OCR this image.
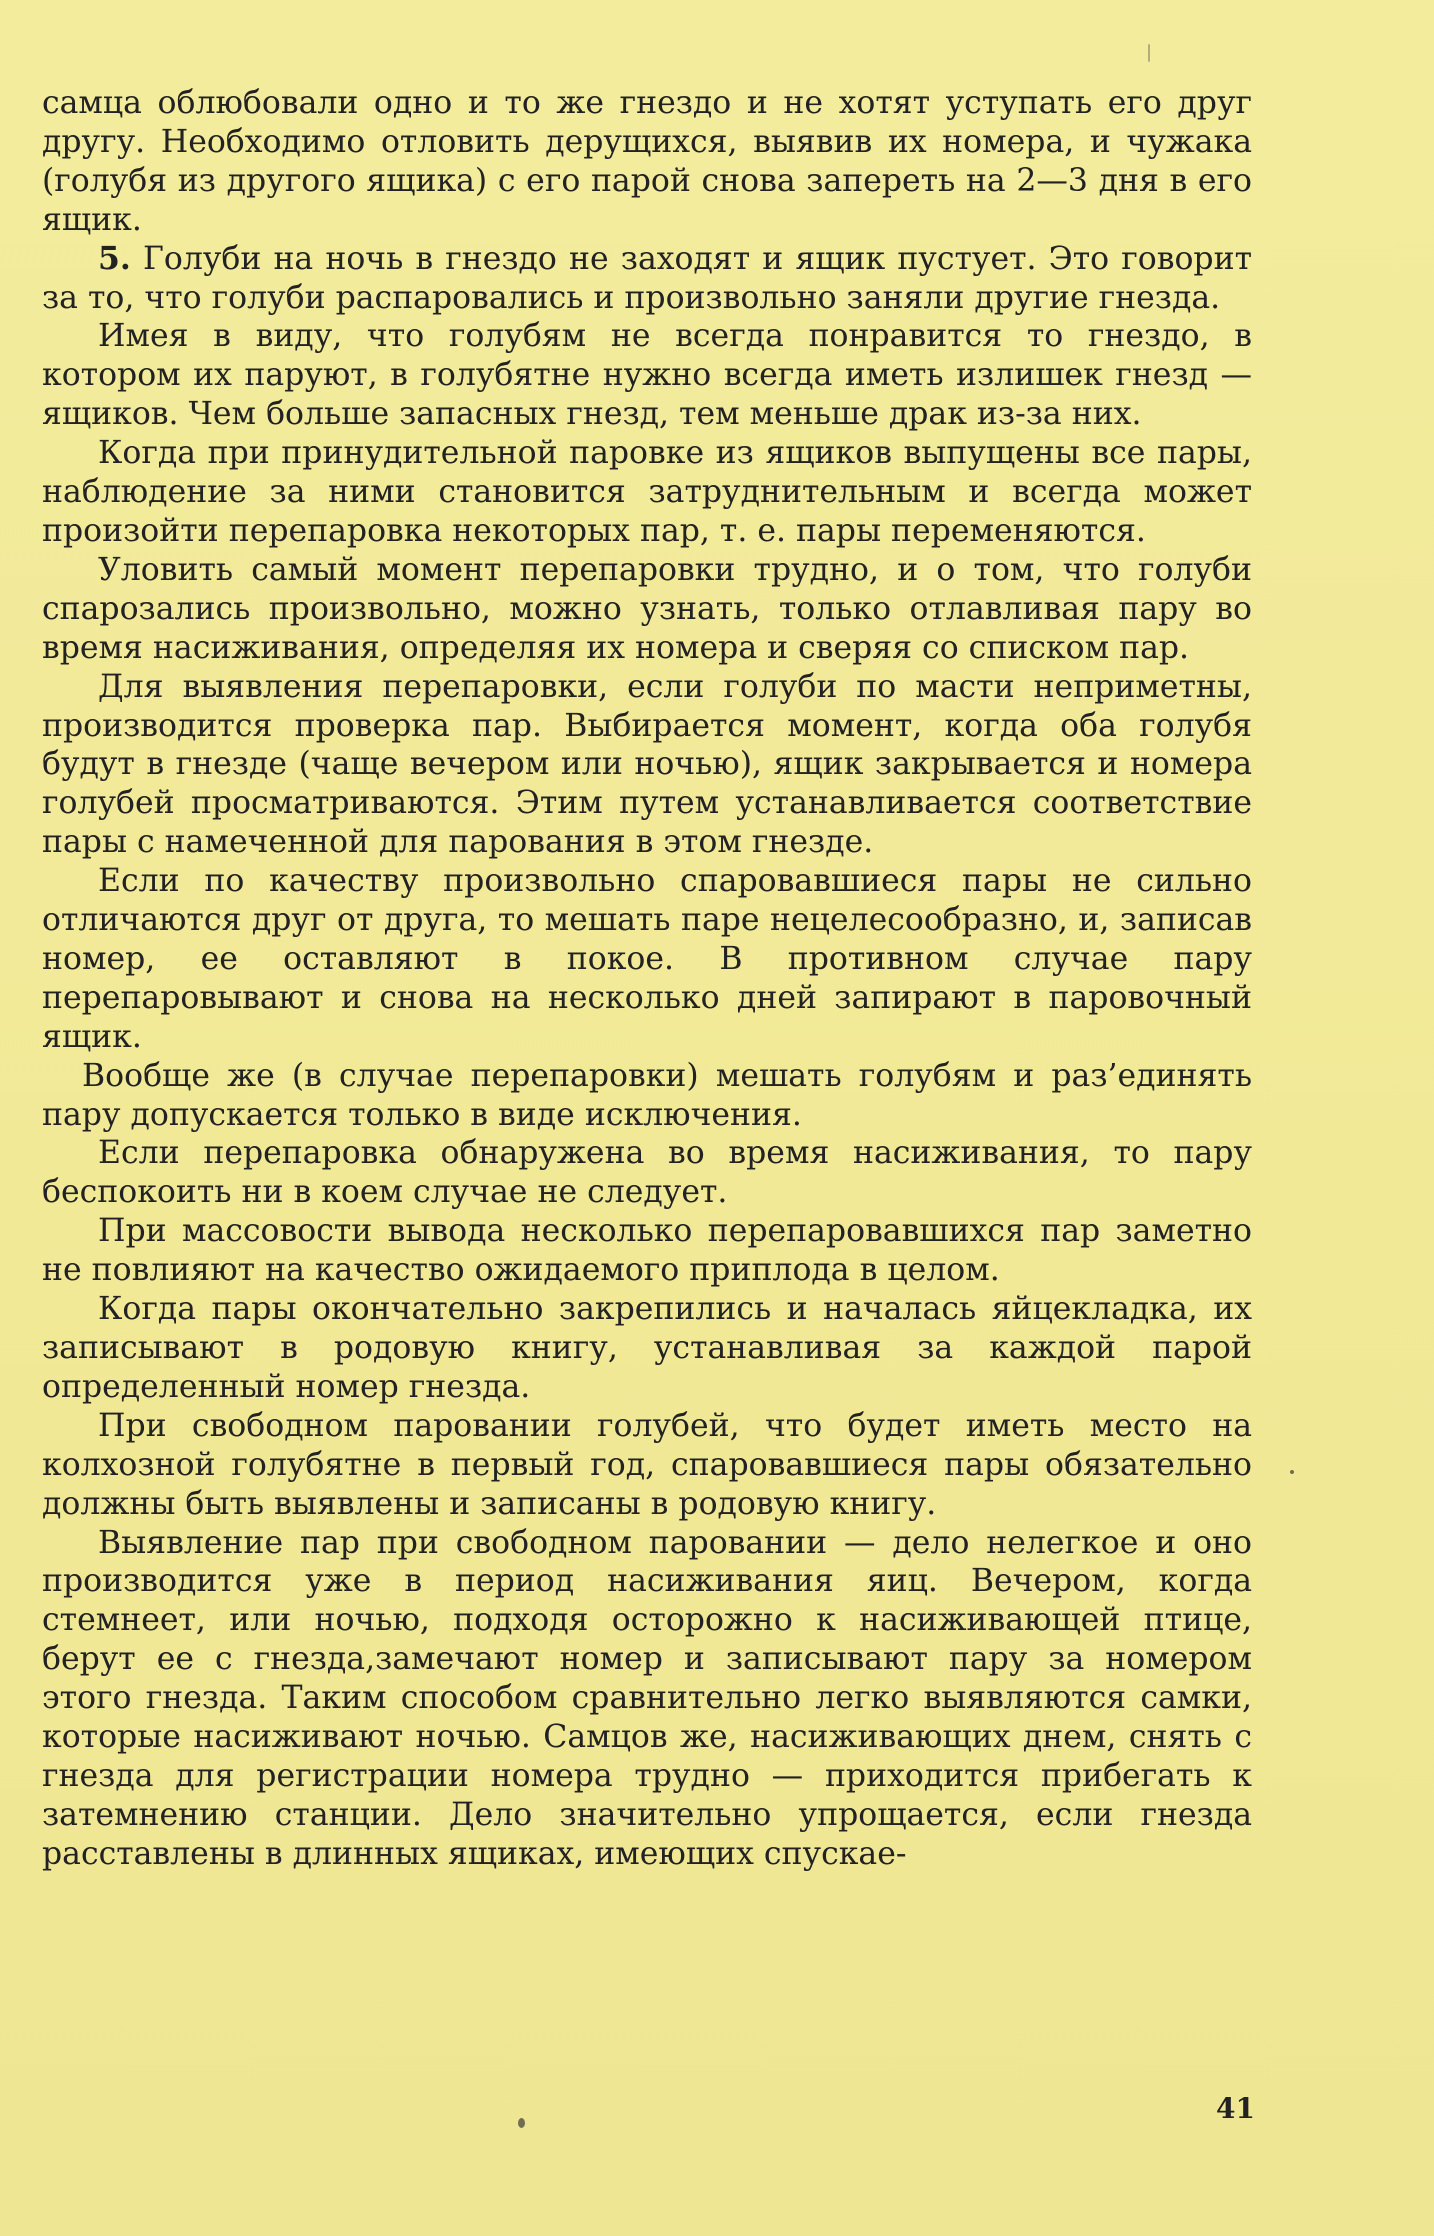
самца облюбовали одно и то же гнездо и не хотят уступать его друг другу. Необходимо отловить дерущихся, выявив их номера, и чужака (голубя из другого ящика) с его парой снова запереть на 2—3 дня в его ящик.

5. Голуби на ночь в гнездо не заходят и ящик пустует. Это говорит за то, что голуби распаровались и произвольно заняли другие гнезда.

Имея в виду, что голубям не всегда понравится то гнездо, в котором их паруют, в голубятне нужно всегда иметь излишек гнезд — ящиков. Чем больше запасных гнезд, тем меньше драк из-за них.

Когда при принудительной паровке из ящиков выпущены все пары, наблюдение за ними становится затруднительным и всегда может произойти перепаровка некоторых пар, т. е. пары переменяются.

Уловить самый момент перепаровки трудно, и о том, что голуби спарозались произвольно, можно узнать, только отлавливая пару во время насиживания, определяя их номера и сверяя со списком пар.

Для выявления перепаровки, если голуби по масти неприметны, производится проверка пар. Выбирается момент, когда оба голубя будут в гнезде (чаще вечером или ночью), ящик закрывается и номера голубей просматриваются. Этим путем устанавливается соответствие пары с намеченной для парования в этом гнезде.

Если по качеству произвольно спаровавшиеся пары не сильно отличаются друг от друга, то мешать паре нецелесообразно, и, записав номер, ее оставляют в покое. В противном случае пару перепаровывают и снова на несколько дней запирают в паровочный ящик.

Вообще же (в случае перепаровки) мешать голубям и раз’единять пару допускается только в виде исключения.

Если перепаровка обнаружена во время насиживания, то пару беспокоить ни в коем случае не следует.

При массовости вывода несколько перепаровавшихся пар заметно не повлияют на качество ожидаемого приплода в целом.

Когда пары окончательно закрепились и началась яйцекладка, их записывают в родовую книгу, устанавливая за каждой парой определенный номер гнезда.

При свободном паровании голубей, что будет иметь место на колхозной голубятне в первый год, спаровавшиеся пары обязательно должны быть выявлены и записаны в родовую книгу.

Выявление пар при свободном паровании — дело нелегкое и оно производится уже в период насиживания яиц. Вечером, когда стемнеет, или ночью, подходя осторожно к насиживающей птице, берут ее с гнезда,замечают номер и записывают пару за номером этого гнезда. Таким способом сравнительно легко выявляются самки, которые насиживают ночью. Самцов же, насиживающих днем, снять с гнезда для регистрации номера трудно — приходится прибегать к затемнению станции. Дело значительно упрощается, если гнезда расставлены в длинных ящиках, имеющих спускае-

41
